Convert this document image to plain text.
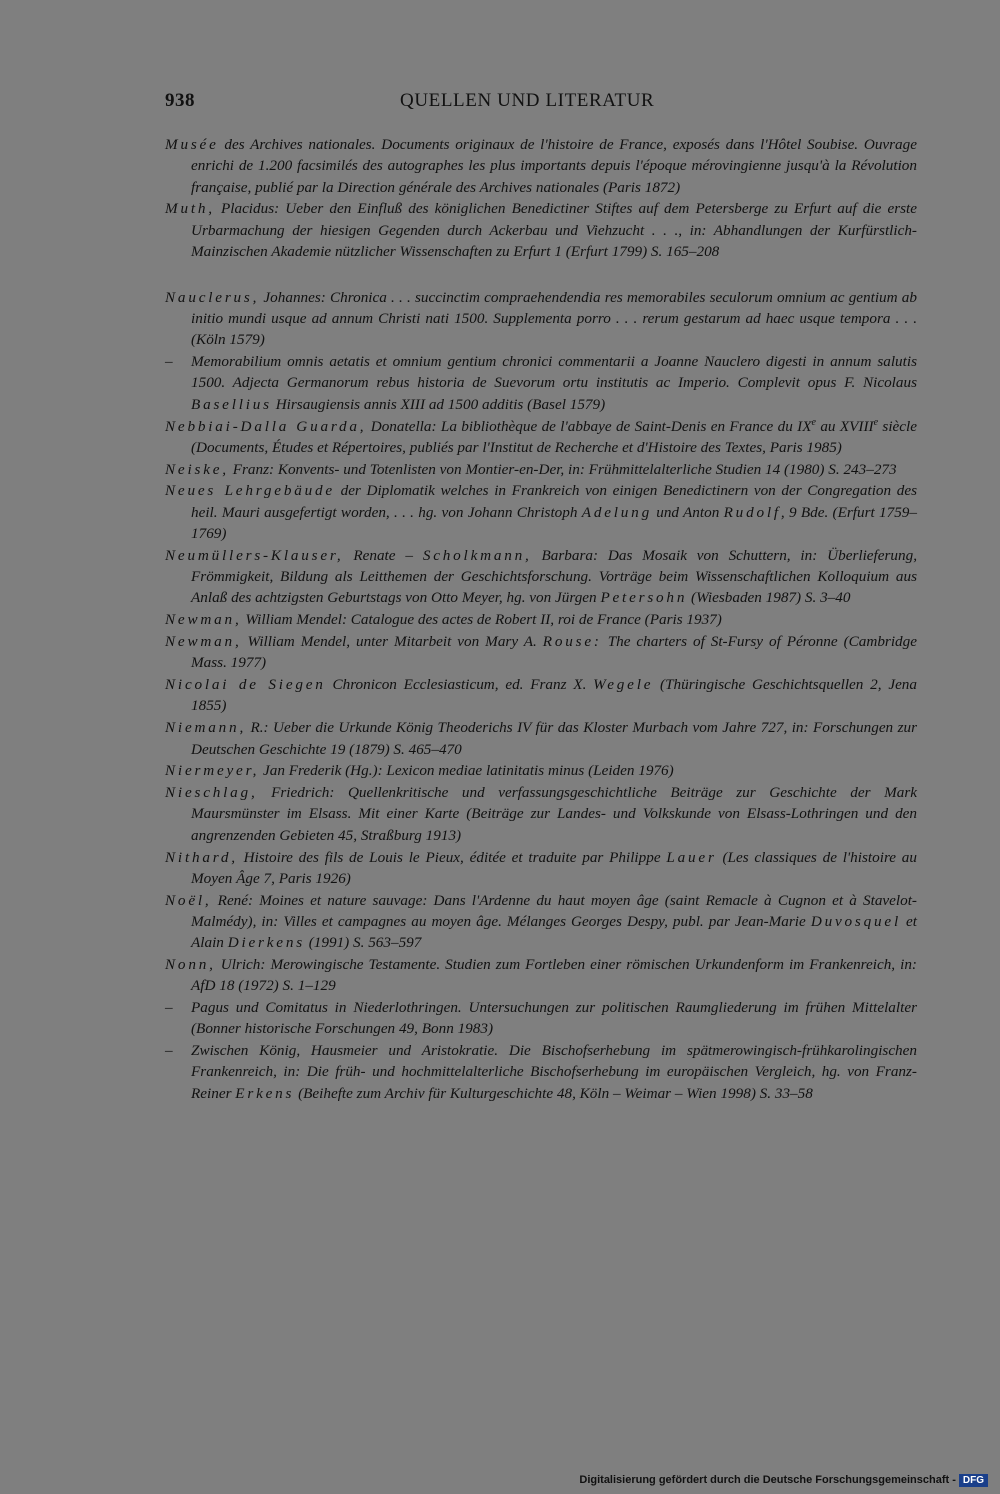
938	QUELLEN UND LITERATUR

Musée des Archives nationales. Documents originaux de l'histoire de France, exposés dans l'Hôtel Soubise. Ouvrage enrichi de 1.200 facsimilés des autographes les plus importants depuis l'époque mérovingienne jusqu'à la Révolution française, publié par la Direction générale des Archives nationales (Paris 1872)

Muth, Placidus: Ueber den Einfluß des königlichen Benedictiner Stiftes auf dem Petersberge zu Erfurt auf die erste Urbarmachung der hiesigen Gegenden durch Ackerbau und Viehzucht . . ., in: Abhandlungen der Kurfürstlich-Mainzischen Akademie nützlicher Wissenschaften zu Erfurt 1 (Erfurt 1799) S. 165–208

Nauclerus, Johannes: Chronica . . . succinctim compraehendendia res memorabiles seculorum omnium ac gentium ab initio mundi usque ad annum Christi nati 1500. Supplementa porro . . . rerum gestarum ad haec usque tempora . . . (Köln 1579)

– Memorabilium omnis aetatis et omnium gentium chronici commentarii a Joanne Nauclero digesti in annum salutis 1500. Adjecta Germanorum rebus historia de Suevorum ortu institutis ac Imperio. Complevit opus F. Nicolaus Basellius Hirsaugiensis annis XIII ad 1500 additis (Basel 1579)

Nebbiai-Dalla Guarda, Donatella: La bibliothèque de l'abbaye de Saint-Denis en France du IXe au XVIIIe siècle (Documents, Études et Répertoires, publiés par l'Institut de Recherche et d'Histoire des Textes, Paris 1985)

Neiske, Franz: Konvents- und Totenlisten von Montier-en-Der, in: Frühmittelalterliche Studien 14 (1980) S. 243–273

Neues Lehrgebäude der Diplomatik welches in Frankreich von einigen Benedictinern von der Congregation des heil. Mauri ausgefertigt worden, . . . hg. von Johann Christoph Adelung und Anton Rudolf, 9 Bde. (Erfurt 1759–1769)

Neumüllers-Klauser, Renate – Scholkmann, Barbara: Das Mosaik von Schuttern, in: Überlieferung, Frömmigkeit, Bildung als Leitthemen der Geschichtsforschung. Vorträge beim Wissenschaftlichen Kolloquium aus Anlaß des achtzigsten Geburtstags von Otto Meyer, hg. von Jürgen Petersohn (Wiesbaden 1987) S. 3–40

Newman, William Mendel: Catalogue des actes de Robert II, roi de France (Paris 1937)

Newman, William Mendel, unter Mitarbeit von Mary A. Rouse: The charters of St-Fursy of Péronne (Cambridge Mass. 1977)

Nicolai de Siegen Chronicon Ecclesiasticum, ed. Franz X. Wegele (Thüringische Geschichtsquellen 2, Jena 1855)

Niemann, R.: Ueber die Urkunde König Theoderichs IV für das Kloster Murbach vom Jahre 727, in: Forschungen zur Deutschen Geschichte 19 (1879) S. 465–470

Niermeyer, Jan Frederik (Hg.): Lexicon mediae latinitatis minus (Leiden 1976)

Nieschlag, Friedrich: Quellenkritische und verfassungsgeschichtliche Beiträge zur Geschichte der Mark Maursmünster im Elsass. Mit einer Karte (Beiträge zur Landes- und Volkskunde von Elsass-Lothringen und den angrenzenden Gebieten 45, Straßburg 1913)

Nithard, Histoire des fils de Louis le Pieux, éditée et traduite par Philippe Lauer (Les classiques de l'histoire au Moyen Âge 7, Paris 1926)

Noël, René: Moines et nature sauvage: Dans l'Ardenne du haut moyen âge (saint Remacle à Cugnon et à Stavelot-Malmédy), in: Villes et campagnes au moyen âge. Mélanges Georges Despy, publ. par Jean-Marie Duvosquel et Alain Dierkens (1991) S. 563–597

Nonn, Ulrich: Merowingische Testamente. Studien zum Fortleben einer römischen Urkundenform im Frankenreich, in: AfD 18 (1972) S. 1–129

– Pagus und Comitatus in Niederlothringen. Untersuchungen zur politischen Raumgliederung im frühen Mittelalter (Bonner historische Forschungen 49, Bonn 1983)

– Zwischen König, Hausmeier und Aristokratie. Die Bischofserhebung im spätmerowingisch-frühkarolingischen Frankenreich, in: Die früh- und hochmittelalterliche Bischofserhebung im europäischen Vergleich, hg. von Franz-Reiner Erkens (Beihefte zum Archiv für Kulturgeschichte 48, Köln – Weimar – Wien 1998) S. 33–58

Digitalisierung gefördert durch die Deutsche Forschungsgemeinschaft - DFG
